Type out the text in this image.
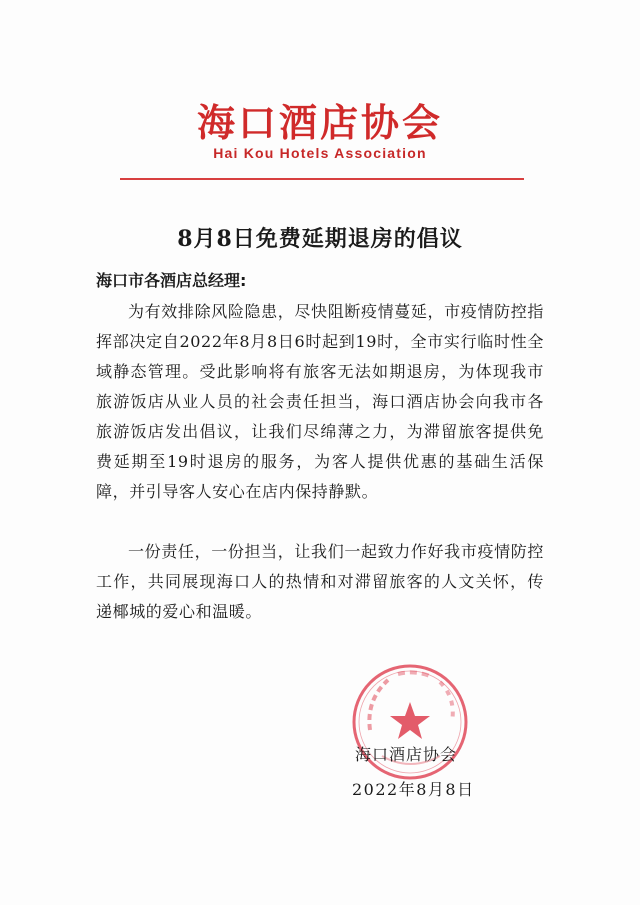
海口酒店协会
Hai Kou Hotels Association
8月8日免费延期退房的倡议
海口市各酒店总经理:
为有效排除风险隐患，尽快阻断疫情蔓延，市疫情防控指挥部决定自2022年8月8日6时起到19时，全市实行临时性全域静态管理。受此影响将有旅客无法如期退房，为体现我市旅游饭店从业人员的社会责任担当，海口酒店协会向我市各旅游饭店发出倡议，让我们尽绵薄之力，为滞留旅客提供免费延期至19时退房的服务，为客人提供优惠的基础生活保障，并引导客人安心在店内保持静默。
一份责任，一份担当，让我们一起致力作好我市疫情防控工作，共同展现海口人的热情和对滞留旅客的人文关怀，传递椰城的爱心和温暖。
海口酒店协会
2022年8月8日
